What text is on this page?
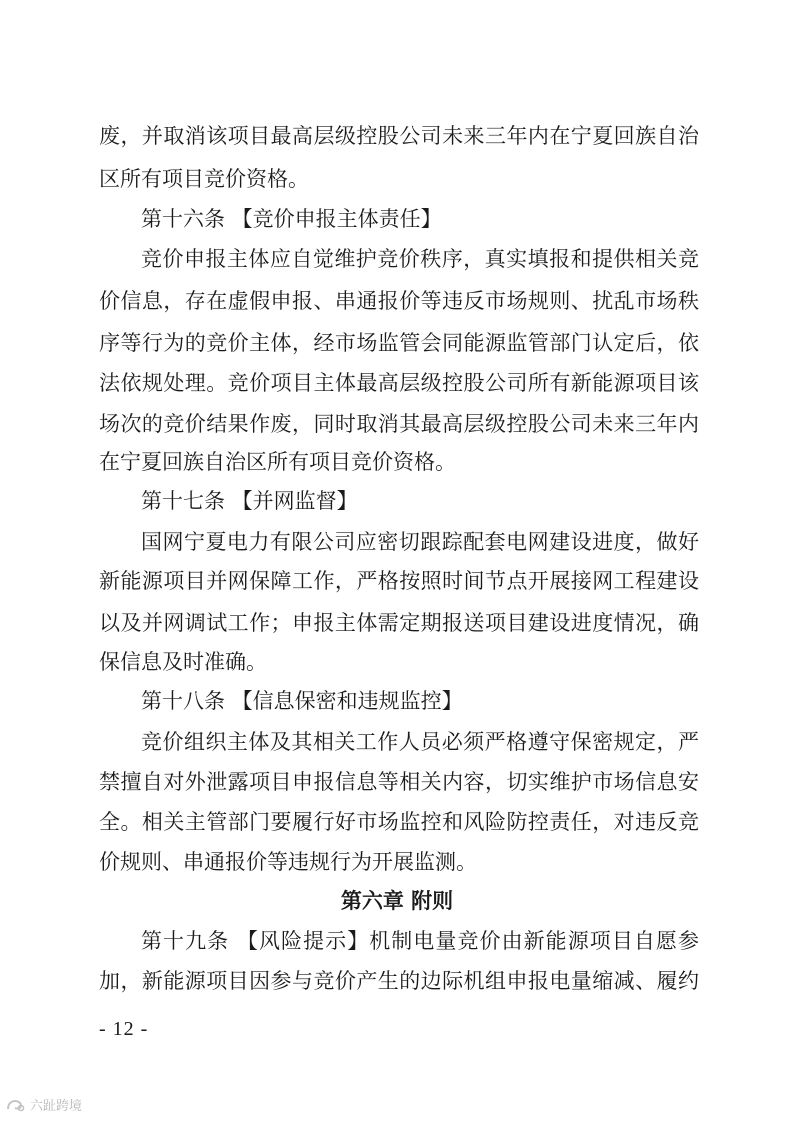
废，并取消该项目最高层级控股公司未来三年内在宁夏回族自治
区所有项目竞价资格。
第十六条 【竞价申报主体责任】
竞价申报主体应自觉维护竞价秩序，真实填报和提供相关竞
价信息，存在虚假申报、串通报价等违反市场规则、扰乱市场秩
序等行为的竞价主体，经市场监管会同能源监管部门认定后，依
法依规处理。竞价项目主体最高层级控股公司所有新能源项目该
场次的竞价结果作废，同时取消其最高层级控股公司未来三年内
在宁夏回族自治区所有项目竞价资格。
第十七条 【并网监督】
国网宁夏电力有限公司应密切跟踪配套电网建设进度，做好
新能源项目并网保障工作，严格按照时间节点开展接网工程建设
以及并网调试工作；申报主体需定期报送项目建设进度情况，确
保信息及时准确。
第十八条 【信息保密和违规监控】
竞价组织主体及其相关工作人员必须严格遵守保密规定，严
禁擅自对外泄露项目申报信息等相关内容，切实维护市场信息安
全。相关主管部门要履行好市场监控和风险防控责任，对违反竞
价规则、串通报价等违规行为开展监测。
第六章 附则
第十九条 【风险提示】机制电量竞价由新能源项目自愿参
加，新能源项目因参与竞价产生的边际机组申报电量缩减、履约
- 12 -
六趾跨境
